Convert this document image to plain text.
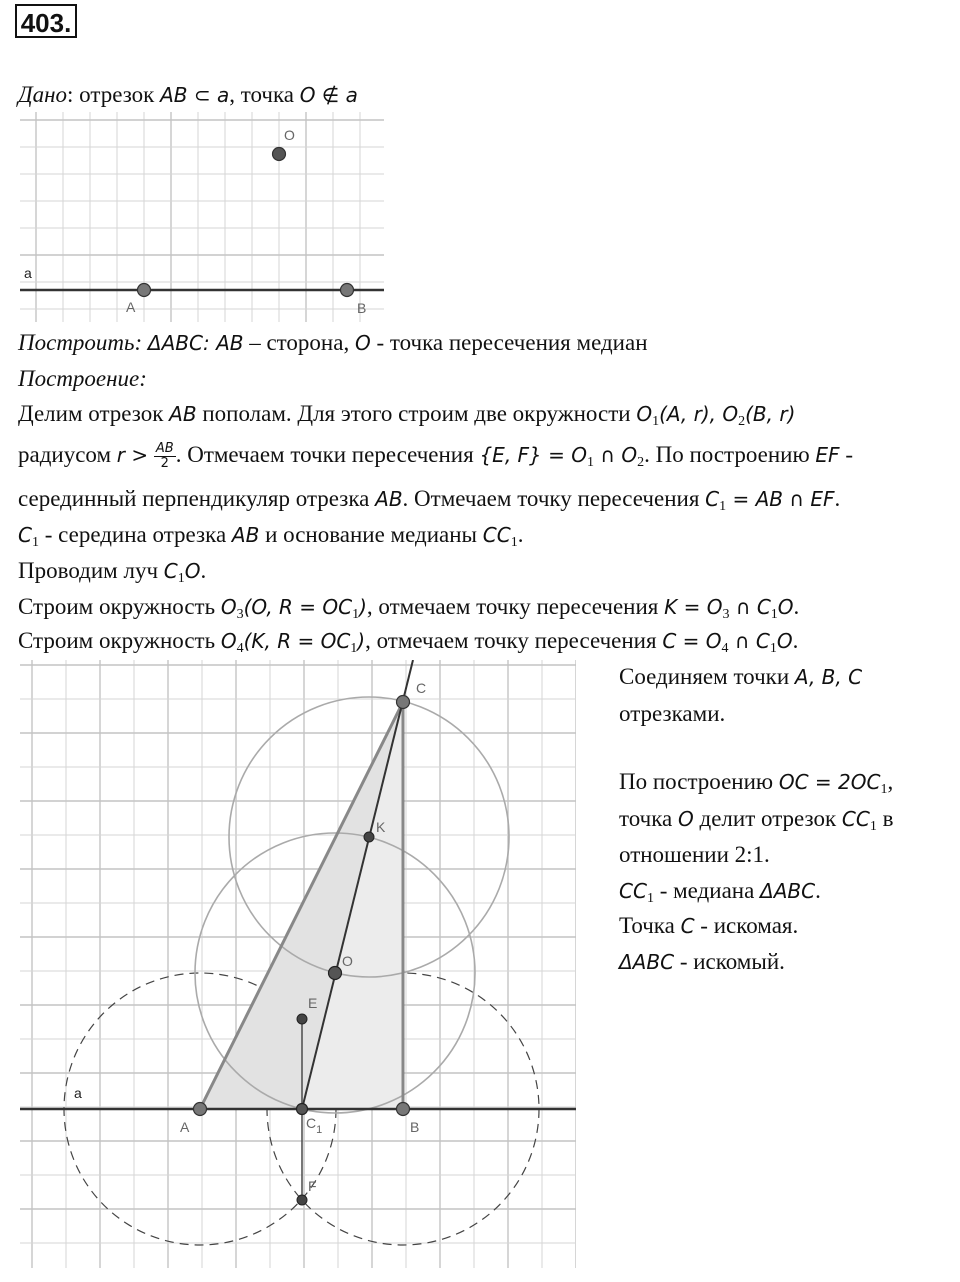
403.
Дано: отрезок AB ⊂ a, точка O ∉ a
a
O
A	B
Построить: ΔABC: AB – сторона, O - точка пересечения медиан
Построение:
Делим отрезок AB пополам. Для этого строим две окружности $O_1(A$, r), $O_2(B$, r)
радиусом $r > \frac{AB}{2}$ . Отмечаем точки пересечения {E, $F\} = O_1$ ∩ $O_2$. По построению EF -
серединный перпендикуляр отрезка AB. Отмечаем точку пересечения $C_1$ = AB ∩ EF.
$C_1$ - середина отрезка AB и основание медианы $CC_1$.
Проводим луч $C_1O$.
Строим окружность $O_3(O$, $R = OC_1$), отмечаем точку пересечения $K = O_3$ ∩ $C_1O$.
Строим окружность $O_4(K$, $R = OC_1$), отмечаем точку пересечения $C = O_4$ ∩ $C_1O$.
C
K
O
E
a
A	$C_1$	B
F
Соединяем точки A, B, C
отрезками.
По построению OC = $2OC_1$,
точка O делит отрезок $CC_1$ в
отношении 2:1.
$CC_1$ - медиана ΔABC.
Точка C - искомая.
ΔABC - искомый.
